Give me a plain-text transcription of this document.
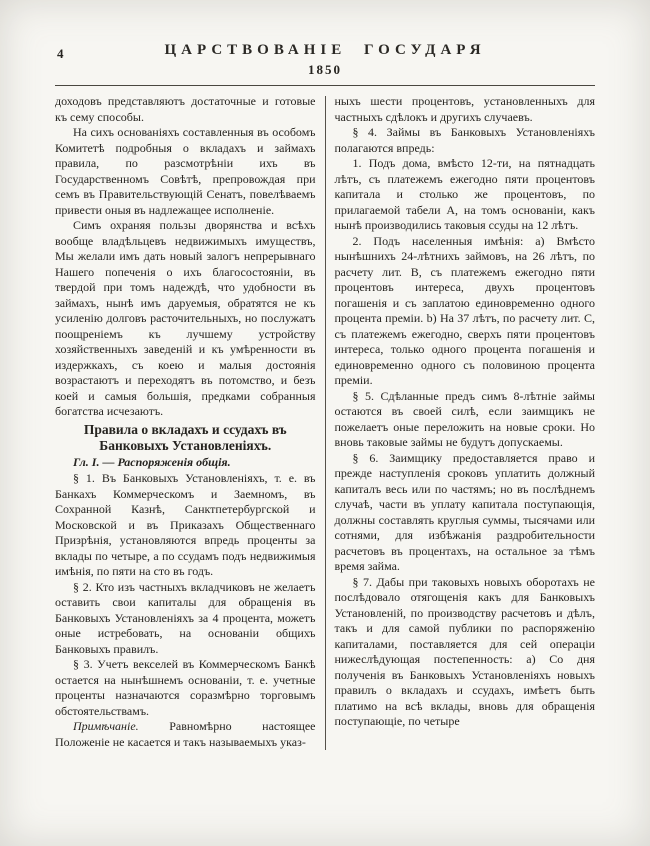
4	ЦАРСТВОВАНІЕ ГОСУДАРЯ
1850

доходовъ представляютъ достаточные и готовые къ сему способы.

На сихъ основаніяхъ составленныя въ особомъ Комитетѣ подробныя о вкладахъ и займахъ правила, по разсмотрѣніи ихъ въ Государственномъ Совѣтѣ, препровождая при семъ въ Правительствующій Сенатъ, повелѣваемъ привести оныя въ надлежащее исполненіе.

Симъ охраняя пользы дворянства и всѣхъ вообще владѣльцевъ недвижимыхъ имуществъ, Мы желали имъ дать новый залогъ непрерывнаго Нашего попеченія о ихъ благосостояніи, въ твердой при томъ надеждѣ, что удобности въ займахъ, нынѣ имъ даруемыя, обратятся не къ усиленію долговъ расточительныхъ, но послужатъ поощреніемъ къ лучшему устройству хозяйственныхъ заведеній и къ умѣренности въ издержкахъ, съ коею и малыя достоянія возрастаютъ и переходятъ въ потомство, и безъ коей и самыя большія, предками собранныя богатства исчезаютъ.

Правила о вкладахъ и ссудахъ въ Банковыхъ Установленіяхъ.

Гл. I. — Распоряженія общія.

§ 1. Въ Банковыхъ Установленіяхъ, т. е. въ Банкахъ Коммерческомъ и Заемномъ, въ Сохранной Казнѣ, Санктпетербургской и Московской и въ Приказахъ Общественнаго Призрѣнія, установляются впредь проценты за вклады по четыре, а по ссудамъ подъ недвижимыя имѣнія, по пяти на сто въ годъ.

§ 2. Кто изъ частныхъ вкладчиковъ не желаетъ оставить свои капиталы для обращенія въ Банковыхъ Установленіяхъ за 4 процента, можетъ оные истребовать, на основаніи общихъ Банковыхъ правилъ.

§ 3. Учетъ векселей въ Коммерческомъ Банкѣ остается на нынѣшнемъ основаніи, т. е. учетные проценты назначаются соразмѣрно торговымъ обстоятельствамъ.

Примѣчаніе. Равномѣрно настоящее Положеніе не касается и такъ называемыхъ указ-

ныхъ шести процентовъ, установленныхъ для частныхъ сдѣлокъ и другихъ случаевъ.

§ 4. Займы въ Банковыхъ Установленіяхъ полагаются впредь:

1. Подъ дома, вмѣсто 12-ти, на пятнадцать лѣтъ, съ платежемъ ежегодно пяти процентовъ капитала и столько же процентовъ, по прилагаемой табели А, на томъ основаніи, какъ нынѣ производились таковыя ссуды на 12 лѣтъ.

2. Подъ населенныя имѣнія: а) Вмѣсто нынѣшнихъ 24-лѣтнихъ займовъ, на 26 лѣтъ, по расчету лит. В, съ платежемъ ежегодно пяти процентовъ интереса, двухъ процентовъ погашенія и съ заплатою единовременно одного процента преміи. b) На 37 лѣтъ, по расчету лит. С, съ платежемъ ежегодно, сверхъ пяти процентовъ интереса, только одного процента погашенія и единовременно одного съ половиною процента преміи.

§ 5. Сдѣланные предъ симъ 8-лѣтніе займы остаются въ своей силѣ, если заимщикъ не пожелаетъ оные переложить на новые сроки. Но вновь таковые займы не будутъ допускаемы.

§ 6. Заимщику предоставляется право и прежде наступленія сроковъ уплатить должный капиталъ весь или по частямъ; но въ послѣднемъ случаѣ, части въ уплату капитала поступающія, должны составлять круглыя суммы, тысячами или сотнями, для избѣжанія раздробительности расчетовъ въ процентахъ, на остальное за тѣмъ время займа.

§ 7. Дабы при таковыхъ новыхъ оборотахъ не послѣдовало отягощенія какъ для Банковыхъ Установленій, по производству расчетовъ и дѣлъ, такъ и для самой публики по распоряженію капиталами, поставляется для сей операціи нижеслѣдующая постепенность: а) Со дня полученія въ Банковыхъ Установленіяхъ новыхъ правилъ о вкладахъ и ссудахъ, имѣетъ быть платимо на всѣ вклады, вновь для обращенія поступающіе, по четыре
